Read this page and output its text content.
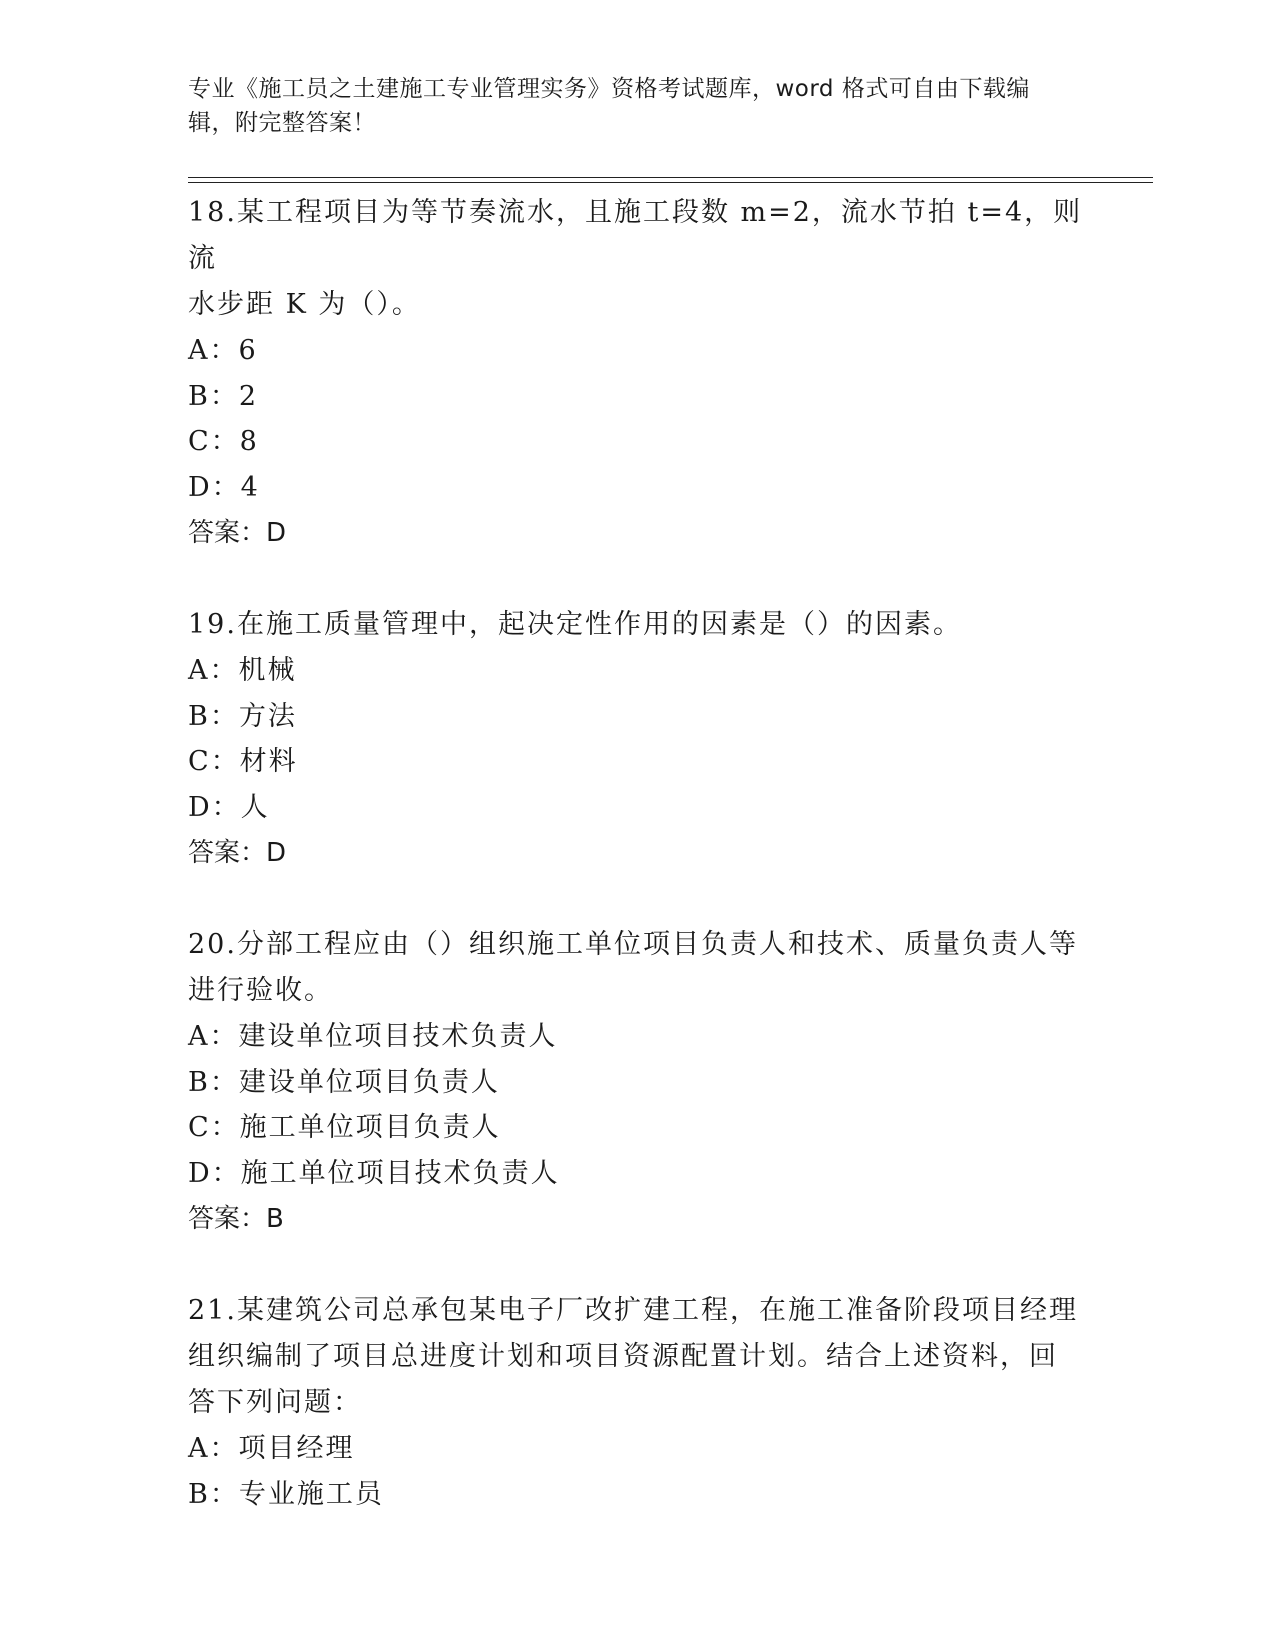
专业《施工员之土建施工专业管理实务》资格考试题库，word 格式可自由下载编
辑，附完整答案！
18.某工程项目为等节奏流水，且施工段数 m=2，流水节拍 t=4，则流
水步距 K 为（）。
A：6
B：2
C：8
D：4
答案：D
19.在施工质量管理中，起决定性作用的因素是（）的因素。
A：机械
B：方法
C：材料
D：人
答案：D
20.分部工程应由（）组织施工单位项目负责人和技术、质量负责人等
进行验收。
A：建设单位项目技术负责人
B：建设单位项目负责人
C：施工单位项目负责人
D：施工单位项目技术负责人
答案：B
21.某建筑公司总承包某电子厂改扩建工程，在施工准备阶段项目经理
组织编制了项目总进度计划和项目资源配置计划。结合上述资料，回
答下列问题：
A：项目经理
B：专业施工员
